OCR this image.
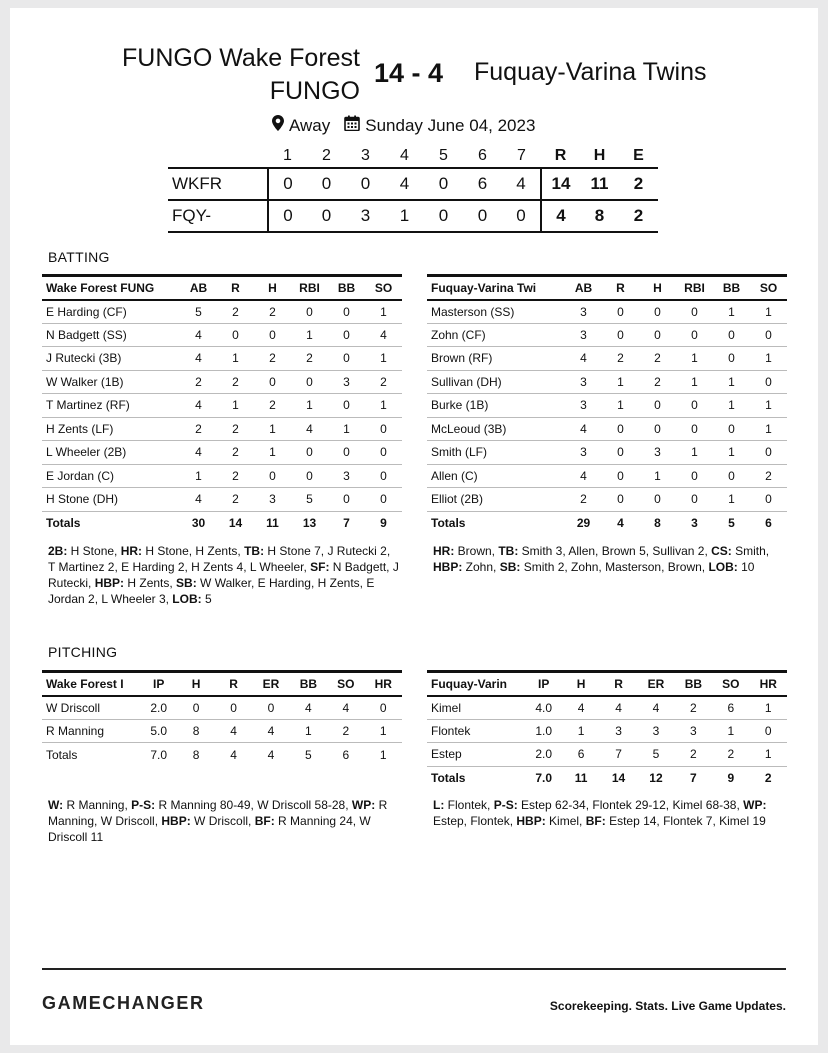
FUNGO Wake Forest
FUNGO
14 - 4 Fuquay-Varina Twins
Away Sunday June 04, 2023
	1	2	3	4	5	6	7	R	H	E
WKFR	0	0	0	4	0	6	4	14	11	2
FQY-	0	0	3	1	0	0	0	4	8	2
BATTING
Wake Forest FUNG	AB	R	H	RBI	BB	SO
E Harding (CF)	5	2	2	0	0	1
N Badgett (SS)	4	0	0	1	0	4
J Rutecki (3B)	4	1	2	2	0	1
W Walker (1B)	2	2	0	0	3	2
T Martinez (RF)	4	1	2	1	0	1
H Zents (LF)	2	2	1	4	1	0
L Wheeler (2B)	4	2	1	0	0	0
E Jordan (C)	1	2	0	0	3	0
H Stone (DH)	4	2	3	5	0	0
Totals	30	14	11	13	7	9
Fuquay-Varina Twi	AB	R	H	RBI	BB	SO
Masterson (SS)	3	0	0	0	1	1
Zohn (CF)	3	0	0	0	0	0
Brown (RF)	4	2	2	1	0	1
Sullivan (DH)	3	1	2	1	1	0
Burke (1B)	3	1	0	0	1	1
McLeoud (3B)	4	0	0	0	0	1
Smith (LF)	3	0	3	1	1	0
Allen (C)	4	0	1	0	0	2
Elliot (2B)	2	0	0	0	1	0
Totals	29	4	8	3	5	6
2B: H Stone, HR: H Stone, H Zents, TB: H Stone 7, J Rutecki 2, T Martinez 2, E Harding 2, H Zents 4, L Wheeler, SF: N Badgett, J Rutecki, HBP: H Zents, SB: W Walker, E Harding, H Zents, E Jordan 2, L Wheeler 3, LOB: 5
HR: Brown, TB: Smith 3, Allen, Brown 5, Sullivan 2, CS: Smith, HBP: Zohn, SB: Smith 2, Zohn, Masterson, Brown, LOB: 10
PITCHING
Wake Forest I	IP	H	R	ER	BB	SO	HR
W Driscoll	2.0	0	0	0	4	4	0
R Manning	5.0	8	4	4	1	2	1
Totals	7.0	8	4	4	5	6	1
Fuquay-Varin	IP	H	R	ER	BB	SO	HR
Kimel	4.0	4	4	4	2	6	1
Flontek	1.0	1	3	3	3	1	0
Estep	2.0	6	7	5	2	2	1
Totals	7.0	11	14	12	7	9	2
W: R Manning, P-S: R Manning 80-49, W Driscoll 58-28, WP: R Manning, W Driscoll, HBP: W Driscoll, BF: R Manning 24, W Driscoll 11
L: Flontek, P-S: Estep 62-34, Flontek 29-12, Kimel 68-38, WP: Estep, Flontek, HBP: Kimel, BF: Estep 14, Flontek 7, Kimel 19
GAMECHANGER	Scorekeeping. Stats. Live Game Updates.
